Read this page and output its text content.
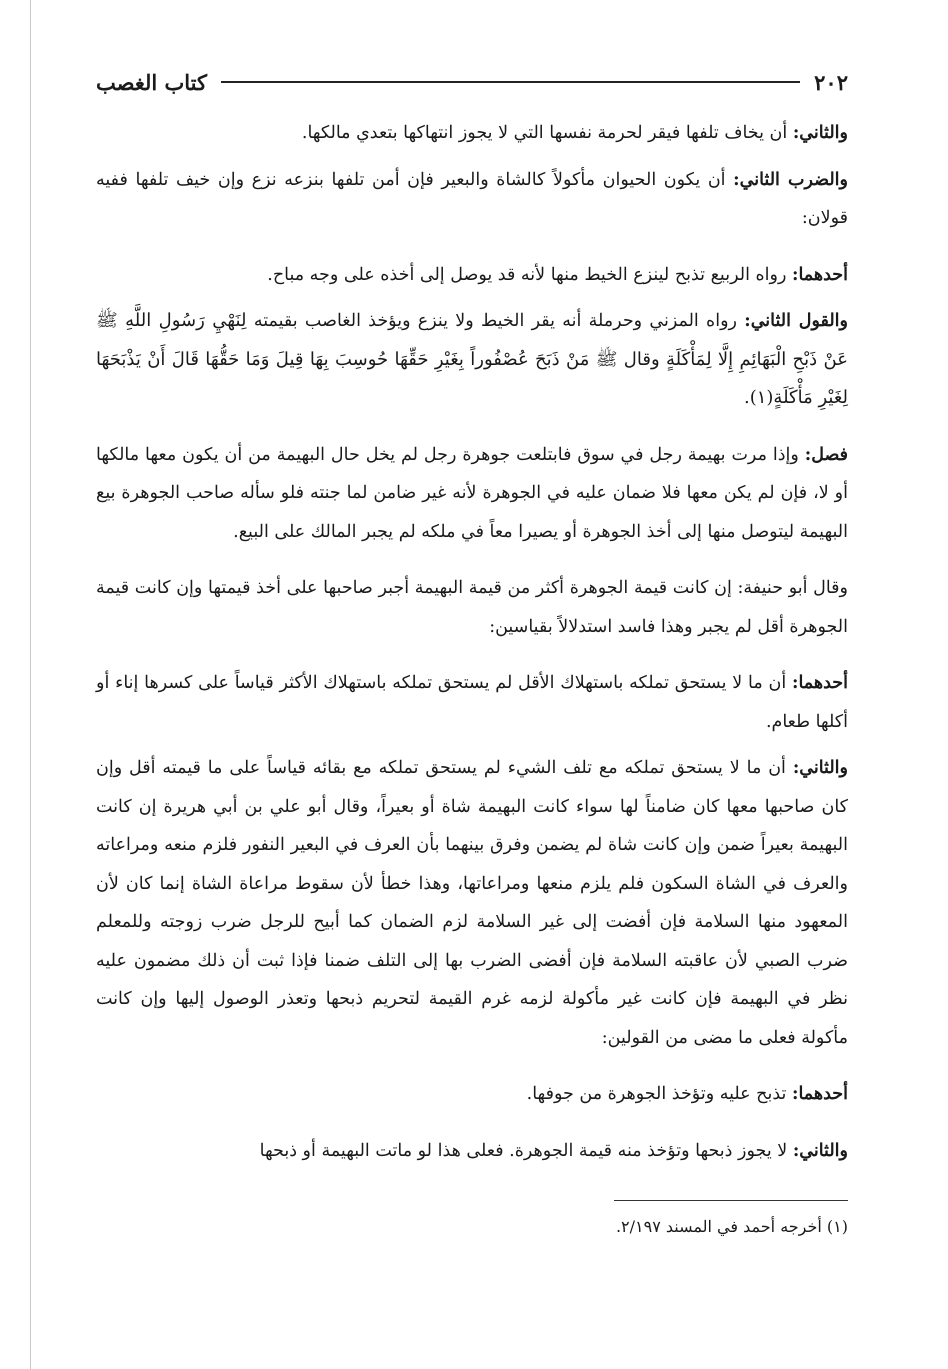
٢٠٢
كتاب الغصب

والثاني: أن يخاف تلفها فيقر لحرمة نفسها التي لا يجوز انتهاكها بتعدي مالكها.

والضرب الثاني: أن يكون الحيوان مأكولاً كالشاة والبعير فإن أمن تلفها بنزعه نزع وإن خيف تلفها ففيه قولان:

أحدهما: رواه الربيع تذبح لينزع الخيط منها لأنه قد يوصل إلى أخذه على وجه مباح.

والقول الثاني: رواه المزني وحرملة أنه يقر الخيط ولا ينزع ويؤخذ الغاصب بقيمته لِنَهْيِ رَسُولِ اللَّهِ ﷺ عَنْ ذَبْحِ الْبَهَائِمِ إِلَّا لِمَأْكَلَةٍ وقال ﷺ مَنْ ذَبَحَ عُصْفُوراً بِغَيْرِ حَقِّهَا حُوسِبَ بِهَا قِيلَ وَمَا حَقُّهَا قَالَ أَنْ يَذْبَحَهَا لِغَيْرِ مَأْكَلَةٍ(١).

فصل: وإذا مرت بهيمة رجل في سوق فابتلعت جوهرة رجل لم يخل حال البهيمة من أن يكون معها مالكها أو لا، فإن لم يكن معها فلا ضمان عليه في الجوهرة لأنه غير ضامن لما جنته فلو سأله صاحب الجوهرة بيع البهيمة ليتوصل منها إلى أخذ الجوهرة أو يصيرا معاً في ملكه لم يجبر المالك على البيع.

وقال أبو حنيفة: إن كانت قيمة الجوهرة أكثر من قيمة البهيمة أجبر صاحبها على أخذ قيمتها وإن كانت قيمة الجوهرة أقل لم يجبر وهذا فاسد استدلالاً بقياسين:

أحدهما: أن ما لا يستحق تملكه باستهلاك الأقل لم يستحق تملكه باستهلاك الأكثر قياساً على كسرها إناء أو أكلها طعام.

والثاني: أن ما لا يستحق تملكه مع تلف الشيء لم يستحق تملكه مع بقائه قياساً على ما قيمته أقل وإن كان صاحبها معها كان ضامناً لها سواء كانت البهيمة شاة أو بعيراً، وقال أبو علي بن أبي هريرة إن كانت البهيمة بعيراً ضمن وإن كانت شاة لم يضمن وفرق بينهما بأن العرف في البعير النفور فلزم منعه ومراعاته والعرف في الشاة السكون فلم يلزم منعها ومراعاتها، وهذا خطأ لأن سقوط مراعاة الشاة إنما كان لأن المعهود منها السلامة فإن أفضت إلى غير السلامة لزم الضمان كما أبيح للرجل ضرب زوجته وللمعلم ضرب الصبي لأن عاقبته السلامة فإن أفضى الضرب بها إلى التلف ضمنا فإذا ثبت أن ذلك مضمون عليه نظر في البهيمة فإن كانت غير مأكولة لزمه غرم القيمة لتحريم ذبحها وتعذر الوصول إليها وإن كانت مأكولة فعلى ما مضى من القولين:

أحدهما: تذبح عليه وتؤخذ الجوهرة من جوفها.

والثاني: لا يجوز ذبحها وتؤخذ منه قيمة الجوهرة. فعلى هذا لو ماتت البهيمة أو ذبحها

(١) أخرجه أحمد في المسند ٢/١٩٧.
